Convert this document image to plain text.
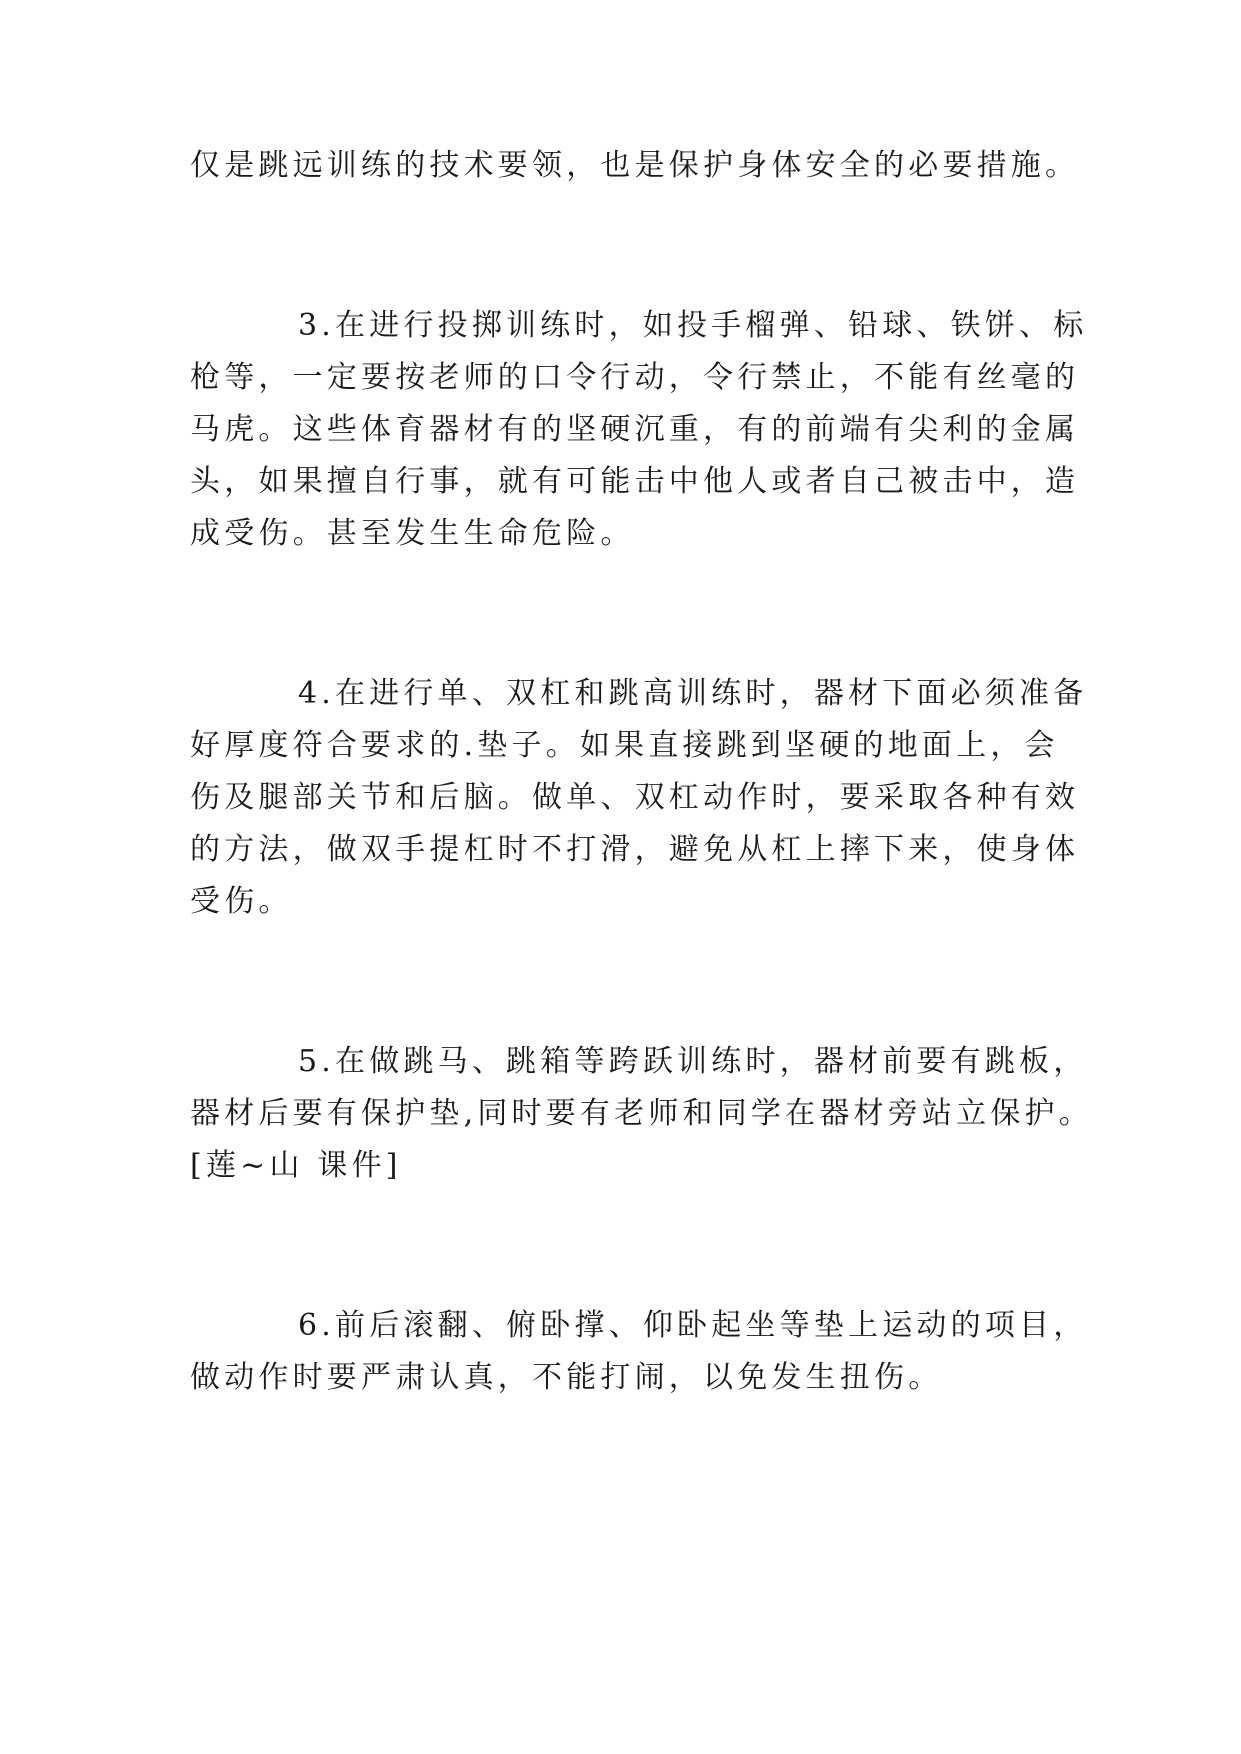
仅是跳远训练的技术要领，也是保护身体安全的必要措施。
3.在进行投掷训练时，如投手榴弹、铅球、铁饼、标
枪等，一定要按老师的口令行动，令行禁止，不能有丝毫的
马虎。这些体育器材有的坚硬沉重，有的前端有尖利的金属
头，如果擅自行事，就有可能击中他人或者自己被击中，造
成受伤。甚至发生生命危险。
4.在进行单、双杠和跳高训练时，器材下面必须准备
好厚度符合要求的.垫子。如果直接跳到坚硬的地面上，会
伤及腿部关节和后脑。做单、双杠动作时，要采取各种有效
的方法，做双手提杠时不打滑，避免从杠上摔下来，使身体
受伤。
5.在做跳马、跳箱等跨跃训练时，器材前要有跳板，
器材后要有保护垫,同时要有老师和同学在器材旁站立保护。
[莲~山 课件]
6.前后滚翻、俯卧撑、仰卧起坐等垫上运动的项目，
做动作时要严肃认真，不能打闹，以免发生扭伤。
